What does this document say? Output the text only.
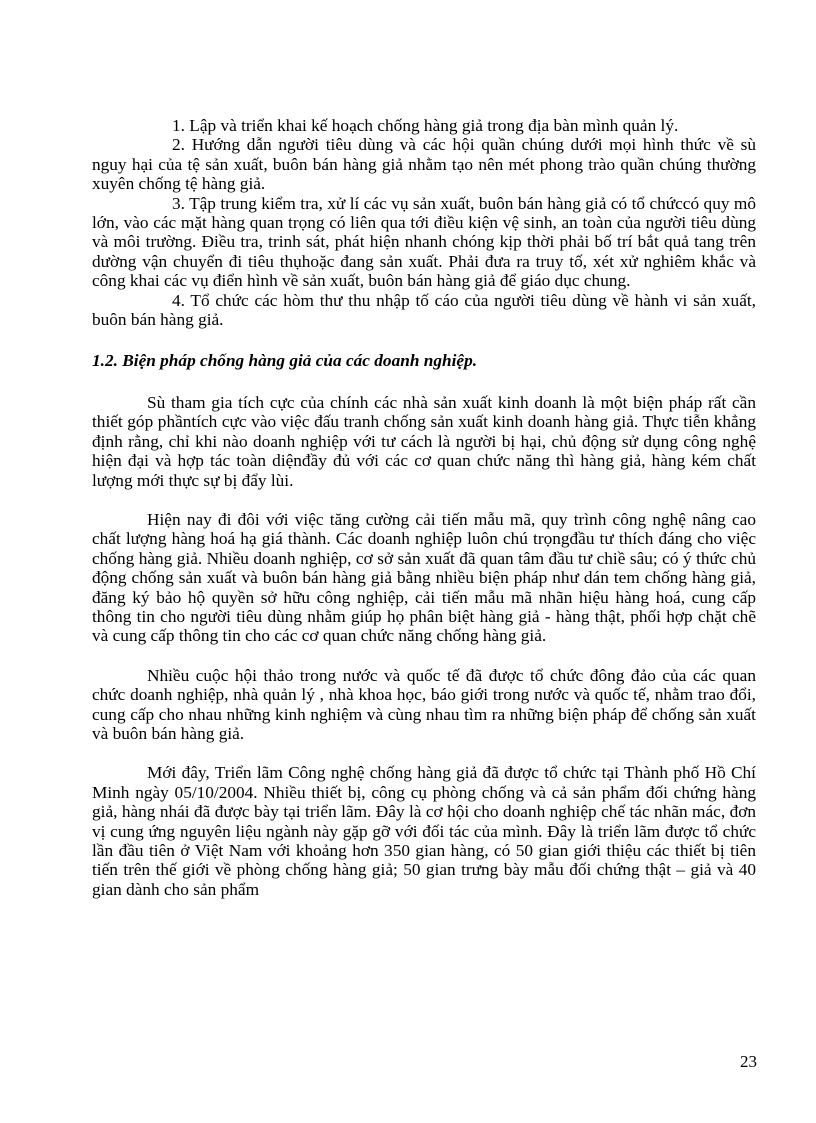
1. Lập và triển khai kế hoạch chống hàng giả trong địa bàn mình quản lý.

2. Hướng dẫn người tiêu dùng và các hội quần chúng dưới mọi hình thức về sù nguy hại của tệ sản xuất, buôn bán hàng giả nhằm tạo nên mét phong trào quần chúng thường xuyên chống tệ hàng giả.

3. Tập trung kiểm tra, xử lí các vụ sản xuất, buôn bán hàng giả có tổ chứccó quy mô lớn, vào các mặt hàng quan trọng có liên qua tới điều kiện vệ sinh, an toàn của người tiêu dùng và môi trường. Điều tra, trinh sát, phát hiện nhanh chóng kịp thời phải bố trí bắt quả tang trên dường vận chuyển đi tiêu thụhoặc đang sản xuất. Phải đưa ra truy tố, xét xử nghiêm khắc và công khai các vụ điển hình về sản xuất, buôn bán hàng giả để giáo dục chung.

4. Tổ chức các hòm thư thu nhập tố cáo của người tiêu dùng về hành vi sản xuất, buôn bán hàng giả.

1.2. Biện pháp chống hàng giả của các doanh nghiệp.

Sù tham gia tích cực của chính các nhà sản xuất kinh doanh là một biện pháp rất cần thiết góp phầntích cực vào việc đấu tranh chống sản xuất kinh doanh hàng giả. Thực tiễn khẳng định rằng, chỉ khi nào doanh nghiệp với tư cách là người bị hại, chủ động sử dụng công nghệ hiện đại và hợp tác toàn diệnđầy đủ với các cơ quan chức năng thì hàng giả, hàng kém chất lượng mới thực sự bị đẩy lùi.

Hiện nay đi đôi với việc tăng cường cải tiến mẫu mã, quy trình công nghệ nâng cao chất lượng hàng hoá hạ giá thành. Các doanh nghiệp luôn chú trọngđầu tư thích đáng cho việc chống hàng giả. Nhiều doanh nghiệp, cơ sở sản xuất đã quan tâm đầu tư chiề sâu; có ý thức chủ động chống sản xuất và buôn bán hàng giả bằng nhiều biện pháp như dán tem chống hàng giả, đăng ký bảo hộ quyền sở hữu công nghiệp, cải tiến mẫu mã nhãn hiệu hàng hoá, cung cấp thông tin cho người tiêu dùng nhằm giúp họ phân biệt hàng giả - hàng thật, phối hợp chặt chẽ và cung cấp thông tin cho các cơ quan chức năng chống hàng giả.

Nhiều cuộc hội thảo trong nước và quốc tế đã được tổ chức đông đảo của các quan chức doanh nghiệp, nhà quản lý , nhà khoa học, báo giới trong nước và quốc tế, nhằm trao đổi, cung cấp cho nhau những kinh nghiệm và cùng nhau tìm ra những biện pháp để chống sản xuất và buôn bán hàng giả.

Mới đây, Triển lãm Công nghệ chống hàng giả đã được tổ chức tại Thành phố Hồ Chí Minh ngày 05/10/2004. Nhiều thiết bị, công cụ phòng chống và cả sản phẩm đối chứng hàng giả, hàng nhái đã được bày tại triển lãm. Đây là cơ hội cho doanh nghiệp chế tác nhãn mác, đơn vị cung ứng nguyên liệu ngành này gặp gỡ với đối tác của mình. Đây là triển lãm được tổ chức lần đầu tiên ở Việt Nam với khoảng hơn 350 gian hàng, có 50 gian giới thiệu các thiết bị tiên tiến trên thế giới về phòng chống hàng giả; 50 gian trưng bày mẫu đối chứng thật – giả và 40 gian dành cho sản phẩm

23
